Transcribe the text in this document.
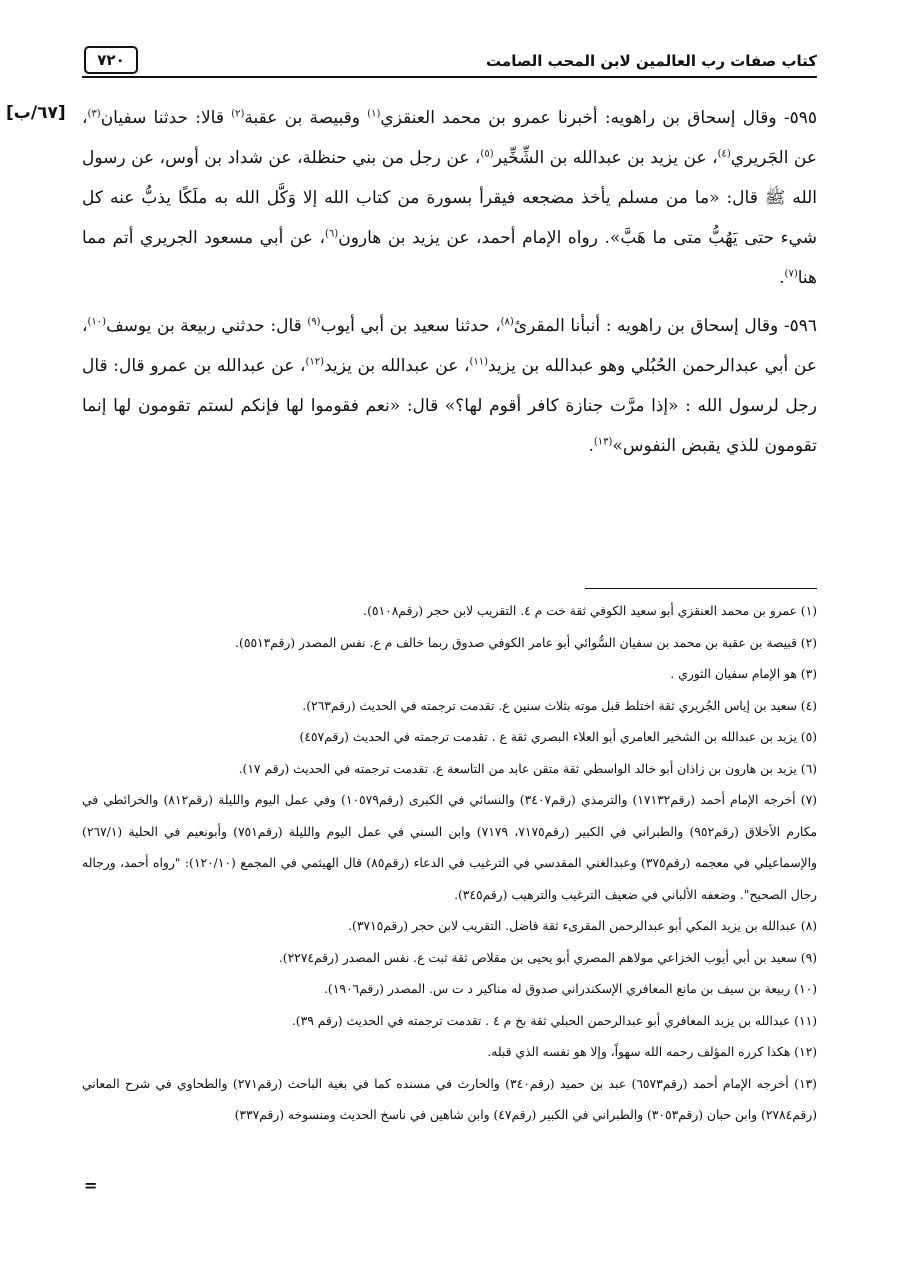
كتاب صفات رب العالمين لابن المحب الصامت
٧٢٠
[٦٧/ب]	٥٩٥- وقال إسحاق بن راهويه: أخبرنا عمرو بن محمد العنقزي$^{(١)}$ وقبيصة بن عقبة$^{(٢)}$ قالا: حدثنا سفيان$^{(٣)}$، عن الجَريري$^{(٤)}$، عن يزيد بن عبدالله بن الشِّخِّير$^{(٥)}$، عن رجل من بني حنظلة، عن شداد بن أوس، عن رسول الله ﷺ قال: «ما من مسلم يأخذ مضجعه فيقرأ بسورة من كتاب الله إلا وَكَّل الله به ملَكًا يذبُّ عنه كل شيء حتى يَهُبُّ متى ما هَبَّ». رواه الإمام أحمد، عن يزيد بن هارون$^{(٦)}$، عن أبي مسعود الجريري أتم مما هنا$^{(٧)}$.

٥٩٦- وقال إسحاق بن راهويه : أنبأنا المقرئ$^{(٨)}$، حدثنا سعيد بن أبي أيوب$^{(٩)}$ قال: حدثني ربيعة بن يوسف$^{(١٠)}$، عن أبي عبدالرحمن الحُبُلي وهو عبدالله بن يزيد$^{(١١)}$، عن عبدالله بن يزيد$^{(١٢)}$، عن عبدالله بن عمرو قال: قال رجل لرسول الله : «إذا مرَّت جنازة كافر أقوم لها؟» قال: «نعم فقوموا لها فإنكم لستم تقومون لها إنما تقومون للذي يقبض النفوس»$^{(١٣)}$.

(١) عمرو بن محمد العنقزي أبو سعيد الكوفي ثقة خت م ٤. التقريب لابن حجر (رقم٥١٠٨).

(٢) قبيصة بن عقبة بن محمد بن سفيان السُّوائي أبو عامر الكوفي صدوق ربما خالف م ع. نفس المصدر (رقم٥٥١٣).

(٣) هو الإمام سفيان الثوري .

(٤) سعيد بن إياس الجُريري ثقة اختلط قبل موته بثلاث سنين ع. تقدمت ترجمته في الحديث (رقم٢٦٣).

(٥) يزيد بن عبدالله بن الشخير العامري أبو العلاء البصري ثقة ع . تقدمت ترجمته في الحديث (رقم٤٥٧)

(٦) يزيد بن هارون بن زاذان أبو خالد الواسطي ثقة متقن عابد من التاسعة ع. تقدمت ترجمته في الحديث (رقم ١٧).

(٧) أخرجه الإمام أحمد (رقم١٧١٣٢) والترمذي (رقم٣٤٠٧) والنسائي في الكبرى (رقم١٠٥٧٩) وفي عمل اليوم والليلة (رقم٨١٢) والخرائطي في مكارم الأخلاق (رقم٩٥٢) والطبراني في الكبير (رقم٧١٧٥، ٧١٧٩) وابن السني في عمل اليوم والليلة (رقم٧٥١) وأبونعيم في الحلية (٢٦٧/١) والإسماعيلي في معجمه (رقم٣٧٥) وعبدالغني المقدسي في الترغيب في الدعاء (رقم٨٥) قال الهيثمي في المجمع (١٢٠/١٠): "رواه أحمد، ورجاله رجال الصحيح". وضعفه الألباني في ضعيف الترغيب والترهيب (رقم٣٤٥).

(٨) عبدالله بن يزيد المكي أبو عبدالرحمن المقرىء ثقة فاضل. التقريب لابن حجر (رقم٣٧١٥).

(٩) سعيد بن أبي أيوب الخزاعي مولاهم المصري أبو يحيى بن مقلاص ثقة ثبت ع. نفس المصدر (رقم٢٢٧٤).

(١٠) ربيعة بن سيف بن مانع المعافري الإسكندراني صدوق له مناكير د ت س. المصدر (رقم١٩٠٦).

(١١) عبدالله بن يزيد المعافري أبو عبدالرحمن الحبلي ثقة بخ م ٤ . تقدمت ترجمته في الحديث (رقم ٣٩).

(١٢) هكذا كرره المؤلف رحمه الله سهواً، وإلا هو نفسه الذي قبله.

(١٣) أخرجه الإمام أحمد (رقم٦٥٧٣) عبد بن حميد (رقم٣٤٠) والحارث في مسنده كما في بغية الباحث (رقم٢٧١) والطحاوي في شرح المعاني (رقم٢٧٨٤) وابن حبان (رقم٣٠٥٣) والطبراني في الكبير (رقم٤٧) وابن شاهين في ناسخ الحديث ومنسوخه (رقم٣٣٧)

=
